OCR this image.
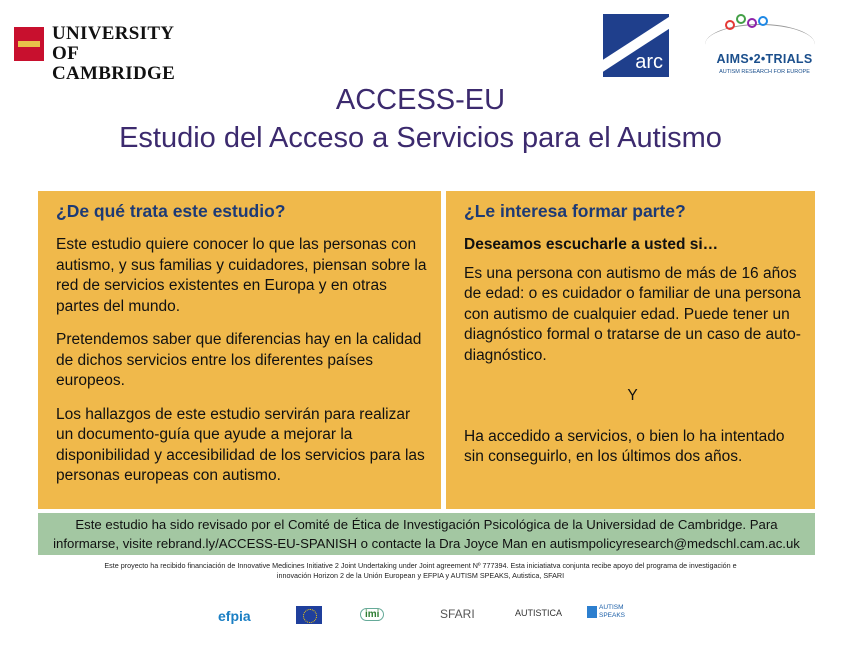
UNIVERSITY OF
CAMBRIDGE
arc	AIMS•2•TRIALS
AUTISM RESEARCH FOR EUROPE
ACCESS-EU
Estudio del Acceso a Servicios para el Autismo
¿De qué trata este estudio?

Este estudio quiere conocer lo que las personas con autismo, y sus familias y cuidadores, piensan sobre la red de servicios existentes en Europa y en otras partes del mundo.

Pretendemos saber que diferencias hay en la calidad de dichos servicios entre los diferentes países europeos.

Los hallazgos de este estudio servirán para realizar un documento-guía que ayude a mejorar la disponibilidad y accesibilidad de los servicios para las personas europeas con autismo.

¿Le interesa formar parte?

Deseamos escucharle a usted si…

Es una persona con autismo de más de 16 años de edad: o es cuidador o familiar de una persona con autismo de cualquier edad. Puede tener un diagnóstico formal o tratarse de un caso de auto-diagnóstico.

Y

Ha accedido a servicios, o bien lo ha intentado sin conseguirlo, en los últimos dos años.

Este estudio ha sido revisado por el Comité de Ética de Investigación Psicológica de la Universidad de Cambridge. Para
informarse, visite rebrand.ly/ACCESS-EU-SPANISH o contacte la Dra Joyce Man en autismpolicyresearch@medschl.cam.ac.uk
Este proyecto ha recibido financiación de Innovative Medicines Initiative 2 Joint Undertaking under Joint agreement Nº 777394. Esta iniciatiatva conjunta recibe apoyo del programa de investigación e
innovación Horizon 2 de la Unión European y EFPIA y AUTISM SPEAKS, Autistica, SFARI
efpia	imi	SFARI	AUTISTICA
AUTISM SPEAKS
